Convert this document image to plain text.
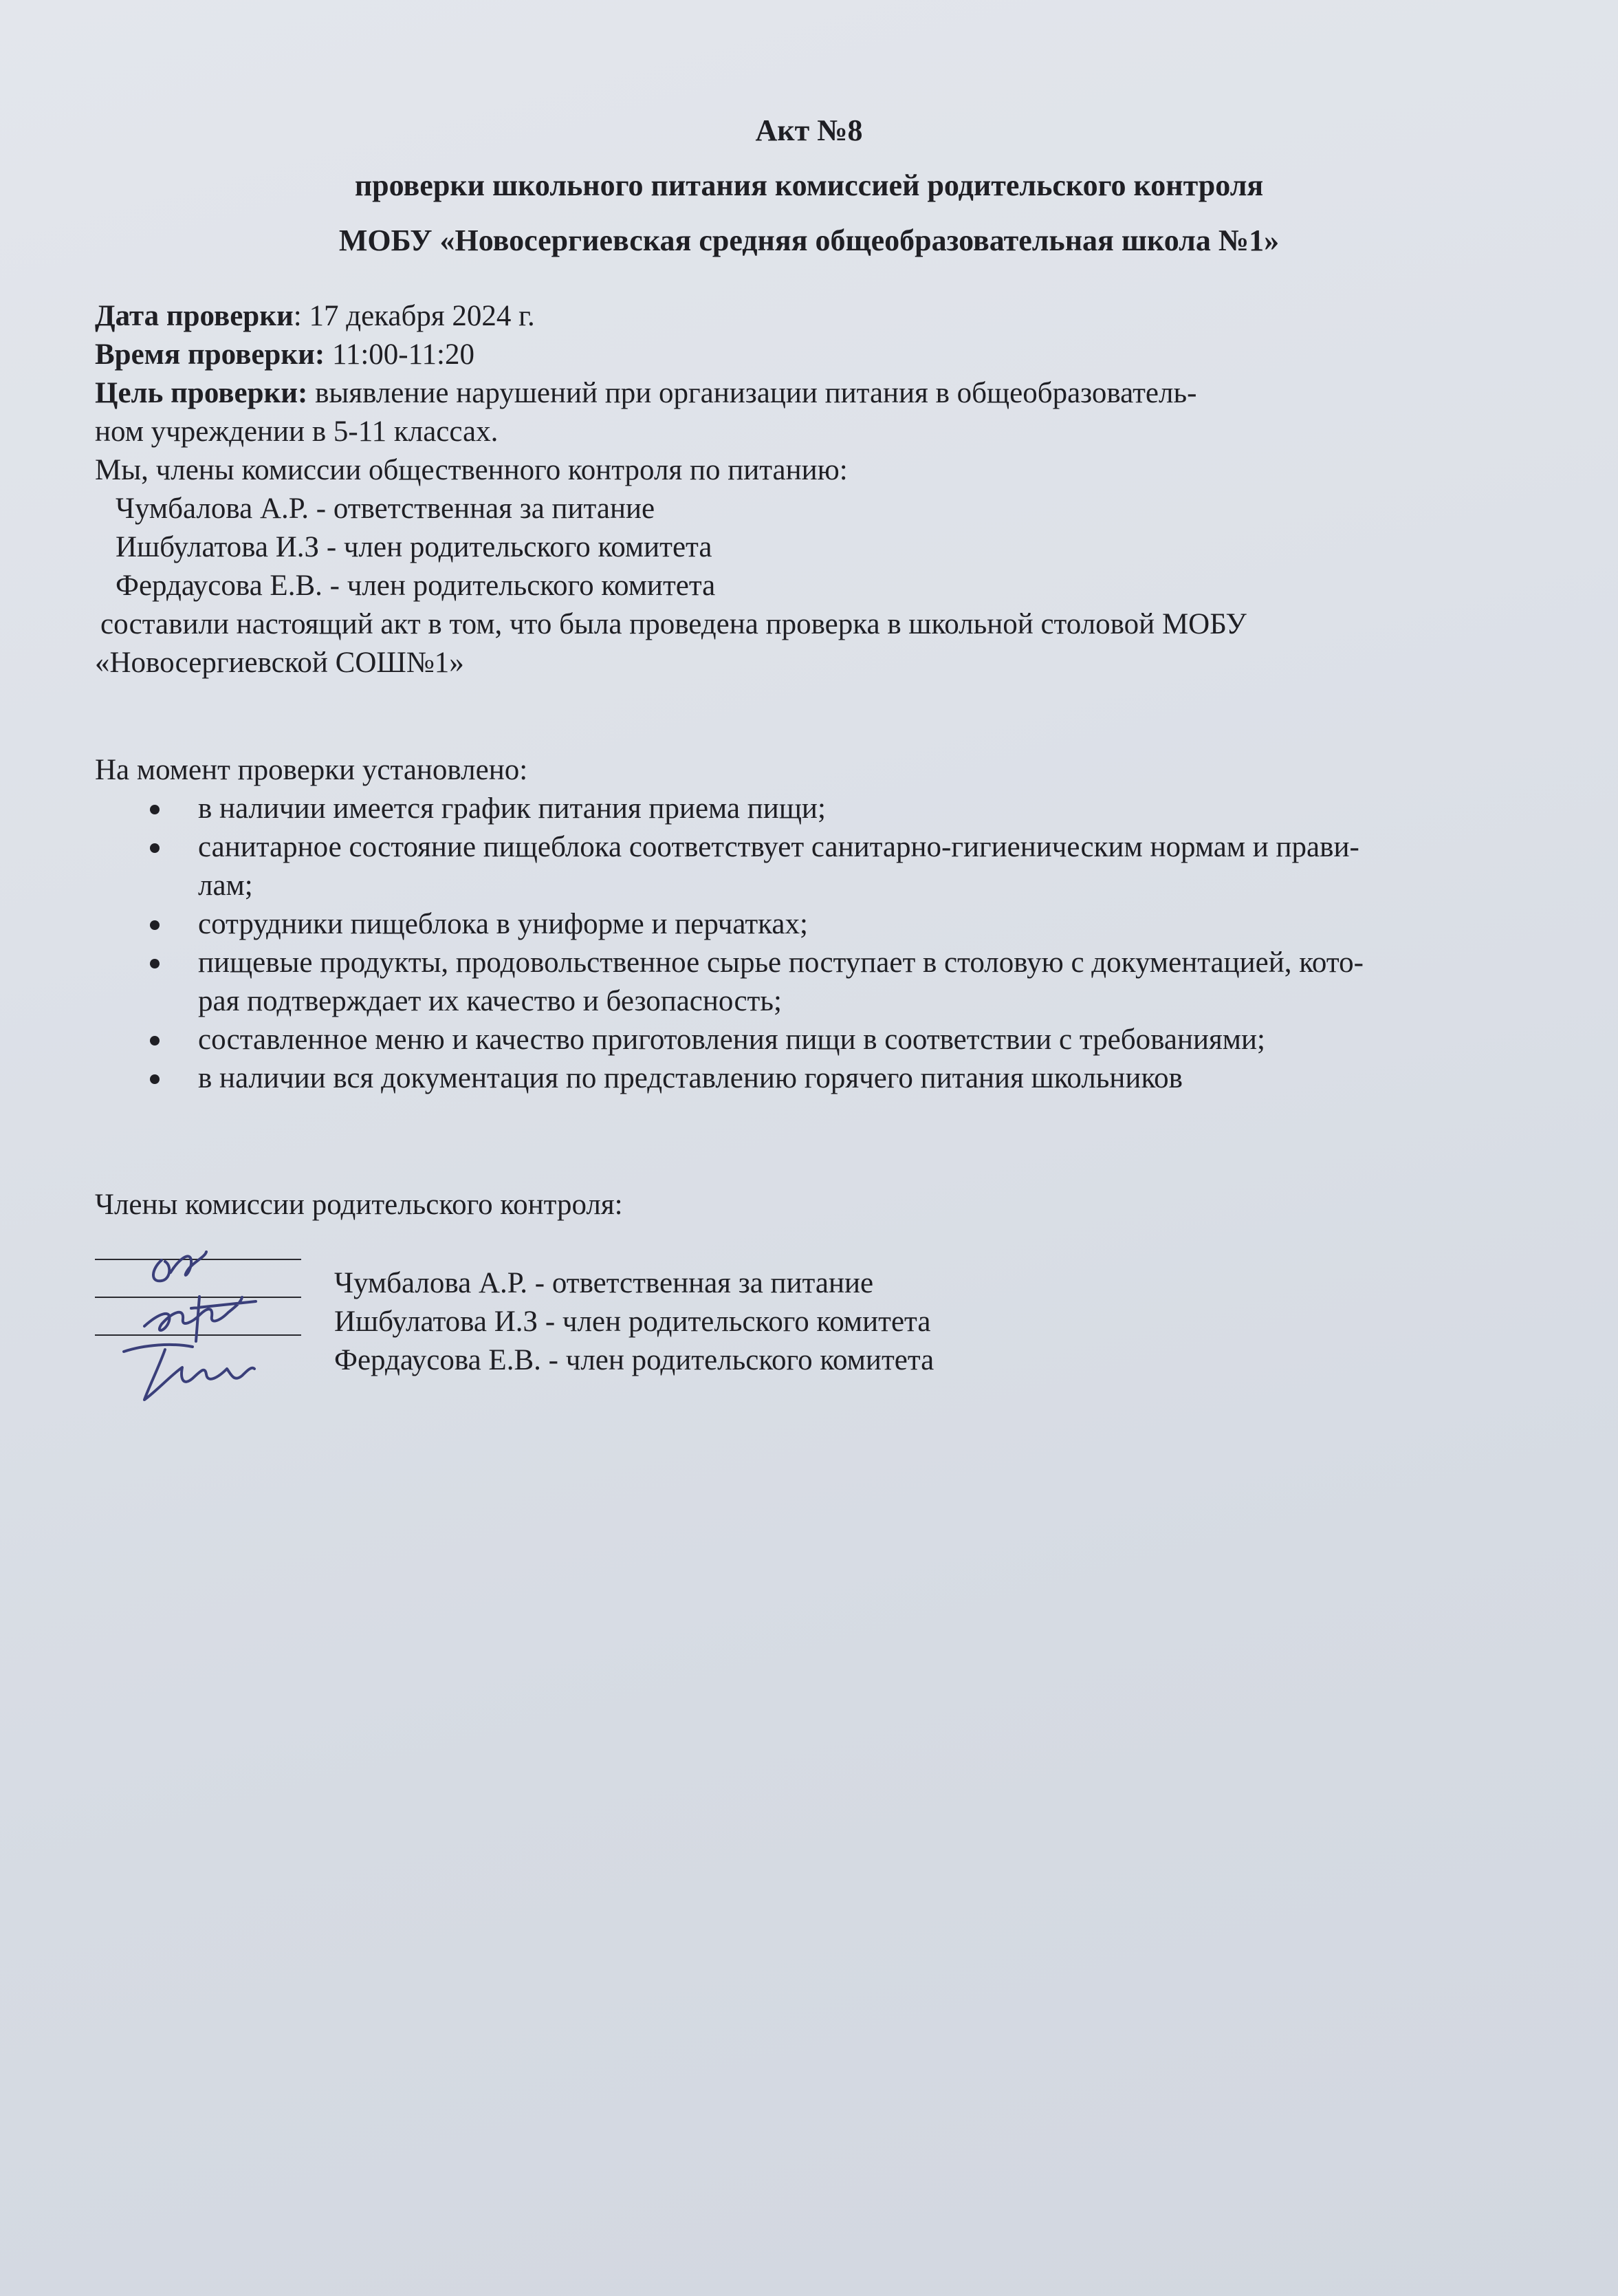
Акт №8
проверки школьного питания комиссией родительского контроля
МОБУ «Новосергиевская средняя общеобразовательная школа №1»
Дата проверки: 17 декабря 2024 г.
Время проверки: 11:00-11:20
Цель проверки: выявление нарушений при организации питания в общеобразователь-
ном учреждении в 5-11 классах.
Мы, члены комиссии общественного контроля по питанию:
Чумбалова А.Р. - ответственная за питание
Ишбулатова И.З - член родительского комитета
Фердаусова Е.В. - член родительского комитета
составили настоящий акт в том, что была проведена проверка в школьной столовой МОБУ
«Новосергиевской СОШ№1»
На момент проверки установлено:
в наличии имеется график питания приема пищи;
санитарное состояние пищеблока соответствует санитарно-гигиеническим нормам и прави-
лам;
сотрудники пищеблока в униформе и перчатках;
пищевые продукты, продовольственное сырье поступает в столовую с документацией, кото-
рая подтверждает их качество и безопасность;
составленное меню и качество приготовления пищи в соответствии с требованиями;
в наличии вся документация по представлению горячего питания школьников
Члены комиссии родительского контроля:
Чумбалова А.Р. - ответственная за питание
Ишбулатова И.З - член родительского комитета
Фердаусова Е.В. - член родительского комитета
